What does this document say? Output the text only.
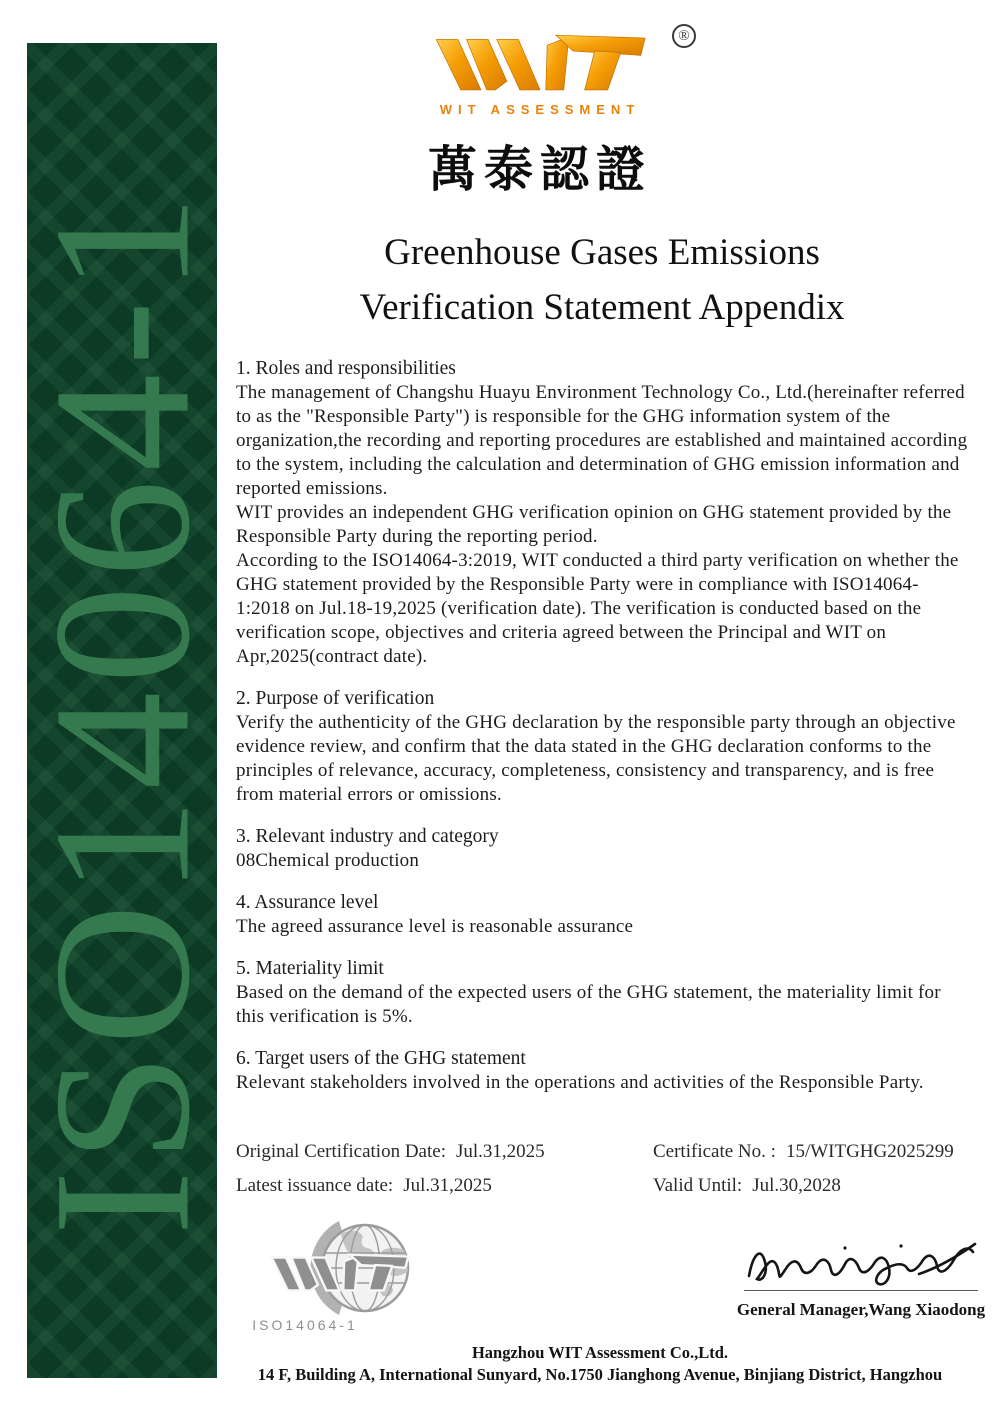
ISO14064-1
®
WIT ASSESSMENT
萬泰認證
Greenhouse Gases Emissions
Verification Statement Appendix
1. Roles and responsibilities
The management of Changshu Huayu Environment Technology Co., Ltd.(hereinafter referred to as the "Responsible Party") is responsible for the GHG information system of the organization,the recording and reporting procedures are established and maintained according to the system, including the calculation and determination of GHG emission information and reported emissions.
WIT provides an independent GHG verification opinion on GHG statement provided by the Responsible Party during the reporting period.
According to the ISO14064-3:2019, WIT conducted a third party verification on whether the GHG statement provided by the Responsible Party were in compliance with ISO14064-1:2018 on Jul.18-19,2025 (verification date). The verification is conducted based on the verification scope, objectives and criteria agreed between the Principal and WIT on Apr,2025(contract date).
2. Purpose of verification
Verify the authenticity of the GHG declaration by the responsible party through an objective evidence review, and confirm that the data stated in the GHG declaration conforms to the principles of relevance, accuracy, completeness, consistency and transparency, and is free from material errors or omissions.
3. Relevant industry and category
08Chemical production
4. Assurance level
The agreed assurance level is reasonable assurance
5. Materiality limit
Based on the demand of the expected users of the GHG statement, the materiality limit for this verification is 5%.
6. Target users of the GHG statement
Relevant stakeholders involved in the operations and activities of the Responsible Party.
Original Certification Date: Jul.31,2025	Certificate No. : 15/WITGHG2025299
Latest issuance date: Jul.31,2025	Valid Until: Jul.30,2028
ISO14064-1
General Manager,Wang Xiaodong
Hangzhou WIT Assessment Co.,Ltd.
14 F, Building A, International Sunyard, No.1750 Jianghong Avenue, Binjiang District, Hangzhou
